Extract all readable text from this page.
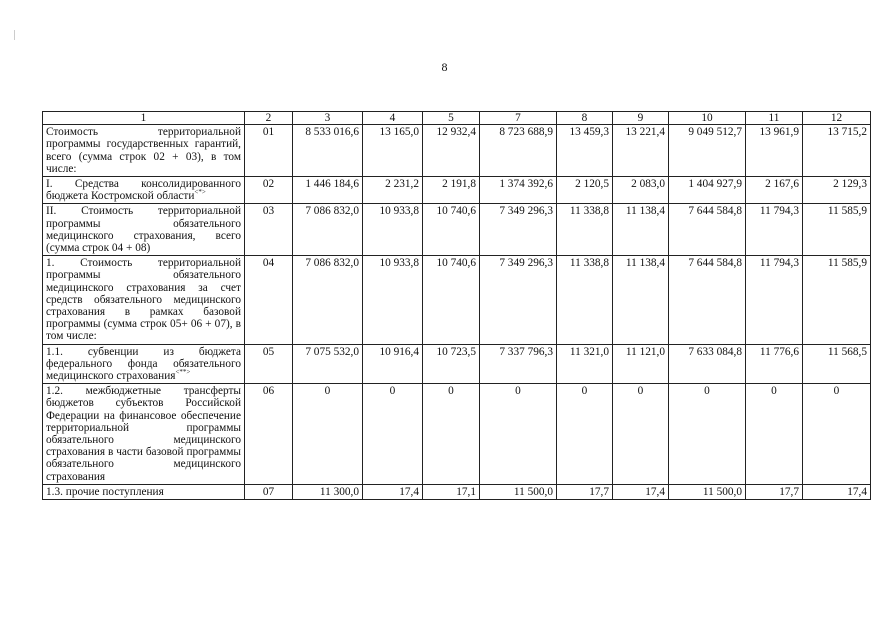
8
1	2	3	4	5	7	8	9	10	11	12
Стоимость территориальной программы государственных гарантий, всего (сумма строк 02 + 03), в том числе:	01	8 533 016,6	13 165,0	12 932,4	8 723 688,9	13 459,3	13 221,4	9 049 512,7	13 961,9	13 715,2
I. Средства консолидированного бюджета Костромской области<*>	02	1 446 184,6	2 231,2	2 191,8	1 374 392,6	2 120,5	2 083,0	1 404 927,9	2 167,6	2 129,3
II. Стоимость территориальной программы обязательного медицинского страхования, всего (сумма строк 04 + 08)	03	7 086 832,0	10 933,8	10 740,6	7 349 296,3	11 338,8	11 138,4	7 644 584,8	11 794,3	11 585,9
1. Стоимость территориальной программы обязательного медицинского страхования за счет средств обязательного медицинского страхования в рамках базовой программы (сумма строк 05+ 06 + 07), в том числе:	04	7 086 832,0	10 933,8	10 740,6	7 349 296,3	11 338,8	11 138,4	7 644 584,8	11 794,3	11 585,9
1.1. субвенции из бюджета федерального фонда обязательного медицинского страхования<**>	05	7 075 532,0	10 916,4	10 723,5	7 337 796,3	11 321,0	11 121,0	7 633 084,8	11 776,6	11 568,5
1.2. межбюджетные трансферты бюджетов субъектов Российской Федерации на финансовое обеспечение территориальной программы обязательного медицинского страхования в части базовой программы обязательного медицинского страхования	06	0	0	0	0	0	0	0	0	0
1.3. прочие поступления	07	11 300,0	17,4	17,1	11 500,0	17,7	17,4	11 500,0	17,7	17,4
